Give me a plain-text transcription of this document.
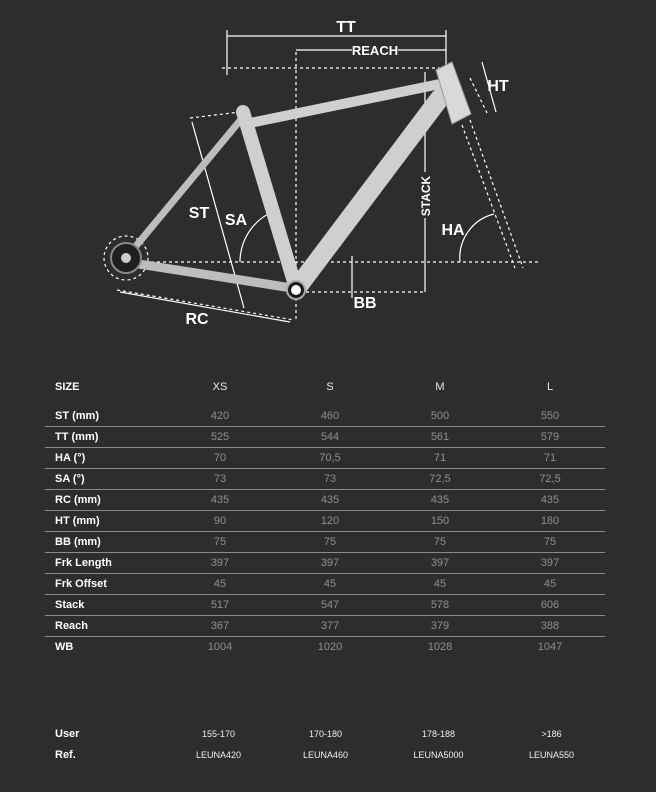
TT
REACH
HT
ST SA
STACK
HA
RC
BB
SIZE	XS	S	M	L

ST (mm)	420	460	500	550
TT (mm)	525	544	561	579
HA (°)	70	70,5	71	71
SA (°)	73	73	72,5	72,5
RC (mm)	435	435	435	435
HT (mm)	90	120	150	180
BB (mm)	75	75	75	75
Frk Length	397	397	397	397
Frk Offset	45	45	45	45
Stack	517	547	578	606
Reach	367	377	379	388
WB	1004	1020	1028	1047
User	155-170	170-180	178-188	>186
Ref.	LEUNA420	LEUNA460	LEUNA5000	LEUNA550
